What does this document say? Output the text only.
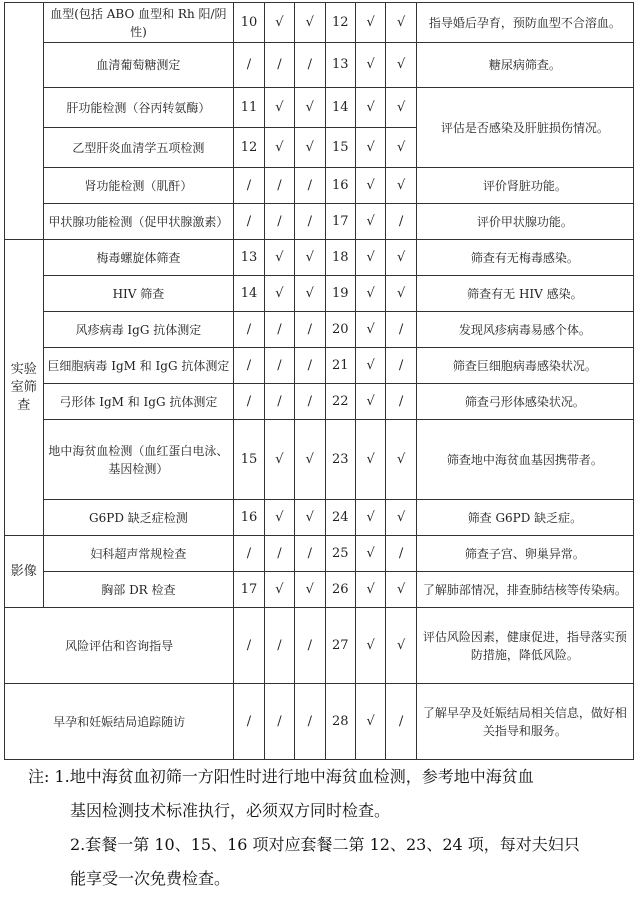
	血型(包括 ABO 血型和 Rh 阳/阴性)	10	√	√	12	√	√	指导婚后孕育，预防血型不合溶血。
	血清葡萄糖测定	/	/	/	13	√	√	糖尿病筛查。
	肝功能检测（谷丙转氨酶）	11	√	√	14	√	√	评估是否感染及肝脏损伤情况。
	乙型肝炎血清学五项检测	12	√	√	15	√	√	
	肾功能检测（肌酐）	/	/	/	16	√	√	评价肾脏功能。
	甲状腺功能检测（促甲状腺激素）	/	/	/	17	√	/	评价甲状腺功能。
实验室筛查	梅毒螺旋体筛查	13	√	√	18	√	√	筛查有无梅毒感染。
	HIV 筛查	14	√	√	19	√	√	筛查有无 HIV 感染。
	风疹病毒 IgG 抗体测定	/	/	/	20	√	/	发现风疹病毒易感个体。
	巨细胞病毒 IgM 和 IgG 抗体测定	/	/	/	21	√	/	筛查巨细胞病毒感染状况。
	弓形体 IgM 和 IgG 抗体测定	/	/	/	22	√	/	筛查弓形体感染状况。
	地中海贫血检测（血红蛋白电泳、基因检测）	15	√	√	23	√	√	筛查地中海贫血基因携带者。
	G6PD 缺乏症检测	16	√	√	24	√	√	筛查 G6PD 缺乏症。
影像	妇科超声常规检查	/	/	/	25	√	/	筛查子宫、卵巢异常。
	胸部 DR 检查	17	√	√	26	√	√	了解肺部情况，排查肺结核等传染病。
风险评估和咨询指导		/	/	/	27	√	√	评估风险因素，健康促进，指导落实预防措施，降低风险。
早孕和妊娠结局追踪随访		/	/	/	28	√	/	了解早孕及妊娠结局相关信息，做好相关指导和服务。
注: 1.地中海贫血初筛一方阳性时进行地中海贫血检测，参考地中海贫血
基因检测技术标准执行，必须双方同时检查。
2.套餐一第 10、15、16 项对应套餐二第 12、23、24 项，每对夫妇只
能享受一次免费检查。
